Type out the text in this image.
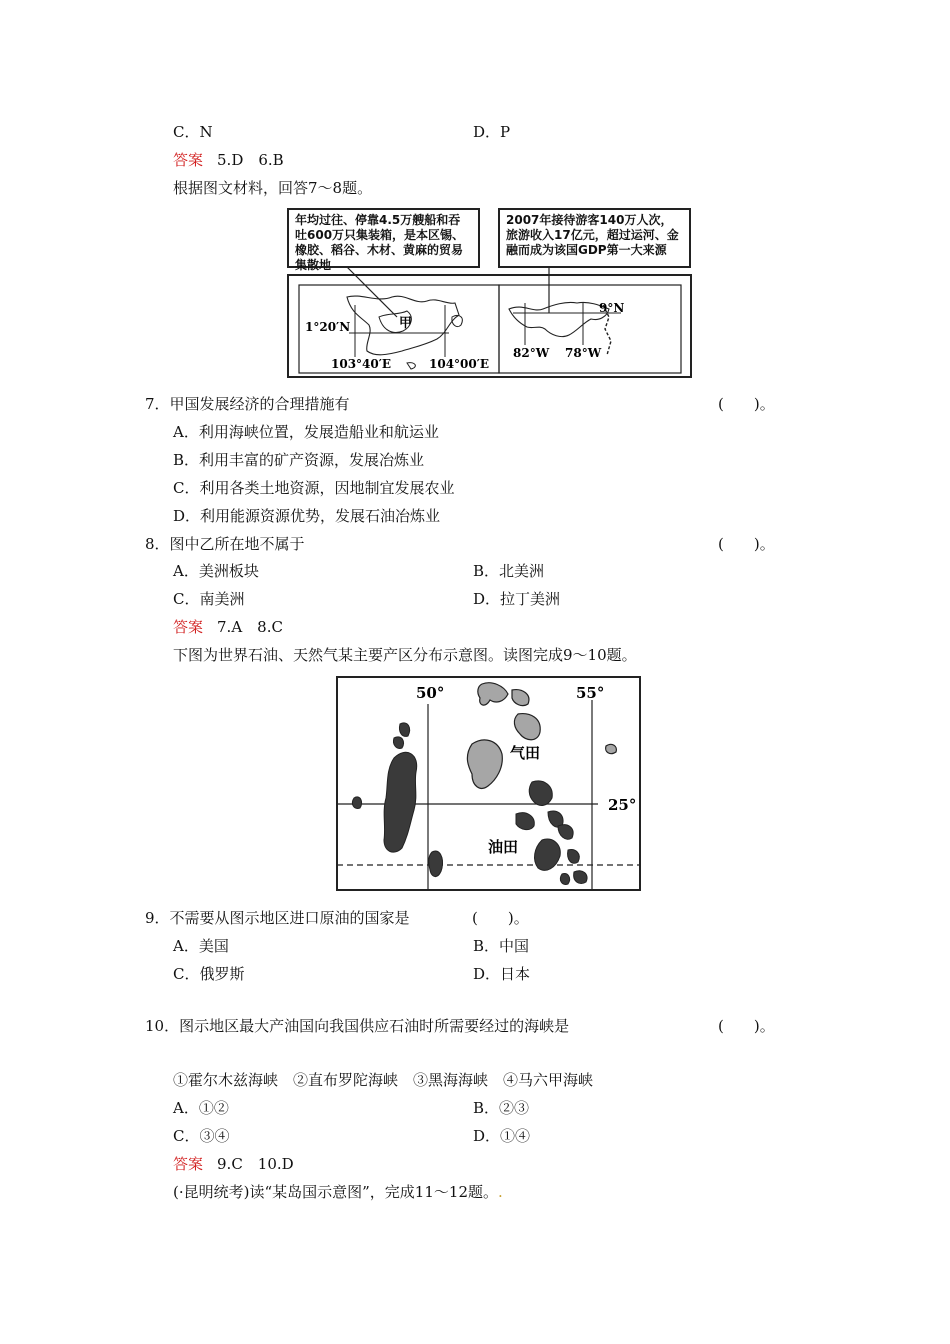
C．N	D．P
答案 5.D　6.B
根据图文材料，回答7～8题。
年均过往、停靠4.5万艘船和吞吐600万只集装箱，是本区锡、橡胶、稻谷、木材、黄麻的贸易集散地
2007年接待游客140万人次，旅游收入17亿元，超过运河、金融而成为该国GDP第一大来源
甲
1°20′N
103°40′E	104°00′E
9°N
82°W 78°W
7．甲国发展经济的合理措施有	(　　)。
A．利用海峡位置，发展造船业和航运业
B．利用丰富的矿产资源，发展冶炼业
C．利用各类土地资源，因地制宜发展农业
D．利用能源资源优势，发展石油冶炼业
8．图中乙所在地不属于	(　　)。
A．美洲板块	B．北美洲
C．南美洲	D．拉丁美洲
答案 7.A　8.C
下图为世界石油、天然气某主要产区分布示意图。读图完成9～10题。
50°	55°
25°
气田
油田
9．不需要从图示地区进口原油的国家是	(　　)。
A．美国	B．中国
C．俄罗斯	D．日本
10．图示地区最大产油国向我国供应石油时所需要经过的海峡是	(　　)。
①霍尔木兹海峡　②直布罗陀海峡　③黑海海峡　④马六甲海峡
A．①②	B．②③
C．③④	D．①④
答案 9.C　10.D
(·昆明统考)读“某岛国示意图”，完成11～12题。.
